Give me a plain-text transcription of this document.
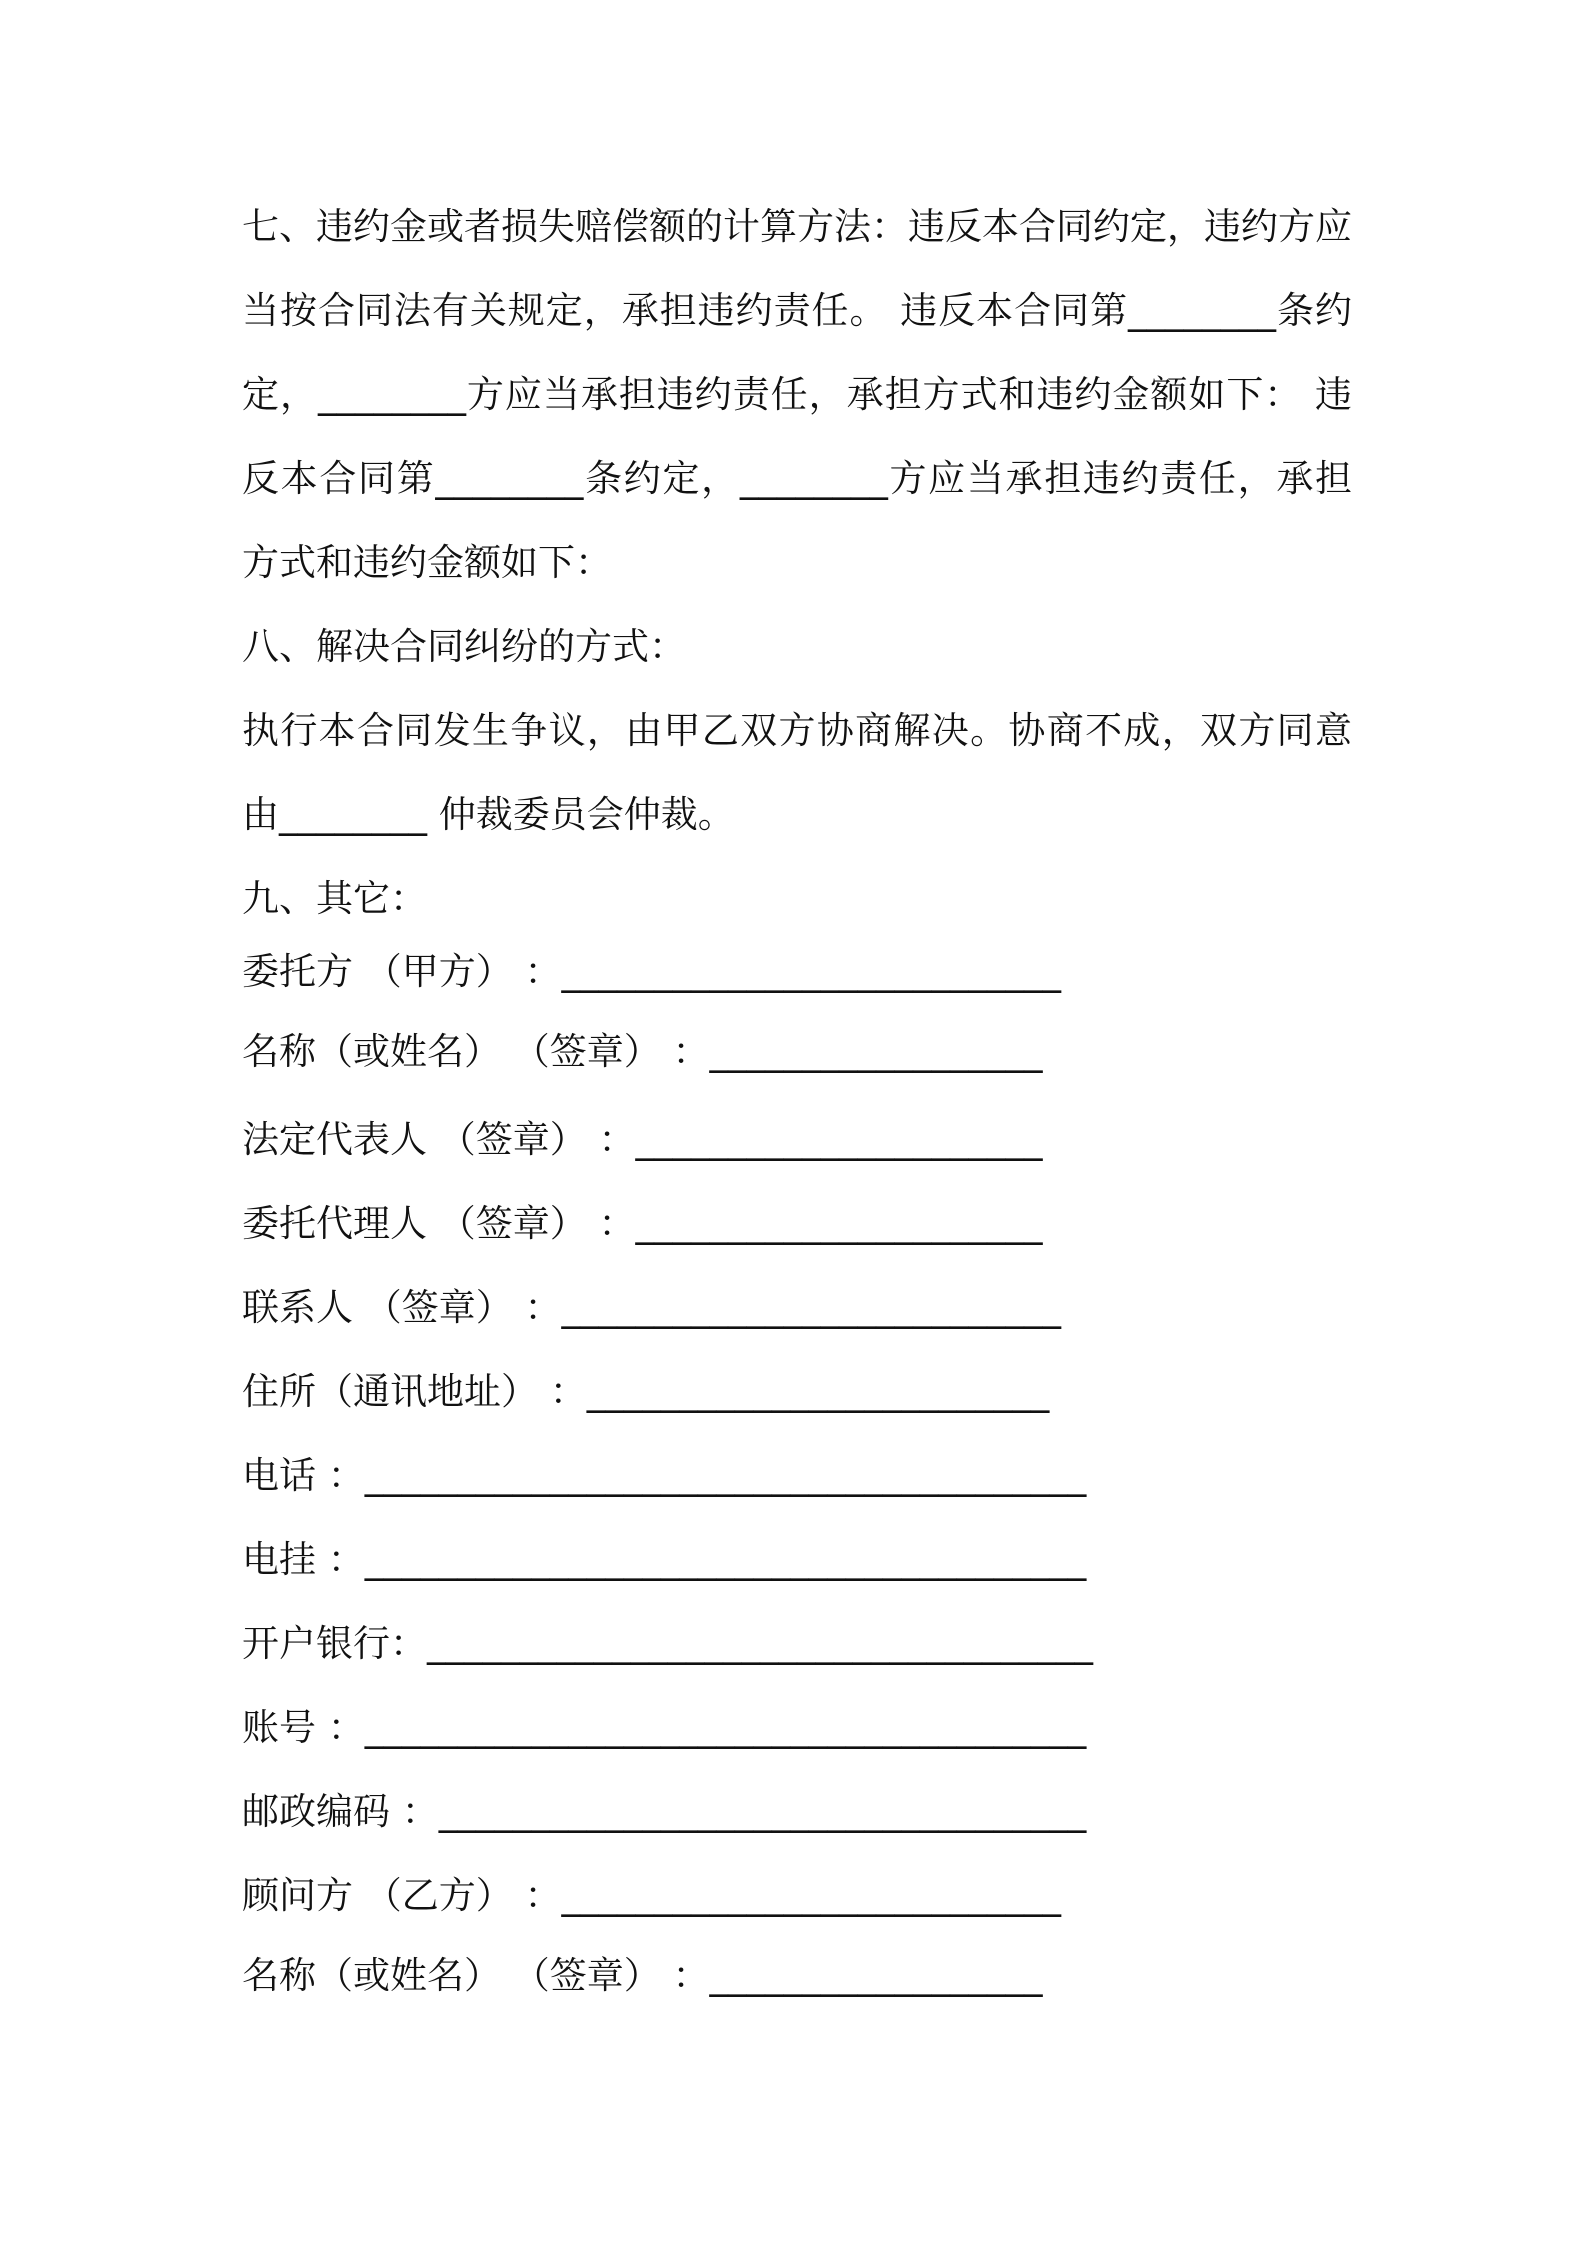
七、违约金或者损失赔偿额的计算方法：违反本合同约定，违约方应
当按合同法有关规定，承担违约责任。 违反本合同第________条约
定，________方应当承担违约责任，承担方式和违约金额如下： 违
反本合同第________条约定，________方应当承担违约责任，承担
方式和违约金额如下：
八、解决合同纠纷的方式：
执行本合同发生争议，由甲乙双方协商解决。协商不成，双方同意
由________ 仲裁委员会仲裁。
九、其它：
委托方 （甲方） ：___________________________
名称（或姓名） （签章） ：__________________
法定代表人 （签章） ：______________________
委托代理人 （签章） ：______________________
联系人 （签章） ：___________________________
住所（通讯地址） ：_________________________
电话 ：_______________________________________
电挂 ：_______________________________________
开户银行：____________________________________
账号 ：_______________________________________
邮政编码 ：___________________________________
顾问方 （乙方） ：___________________________
名称（或姓名） （签章） ：__________________
